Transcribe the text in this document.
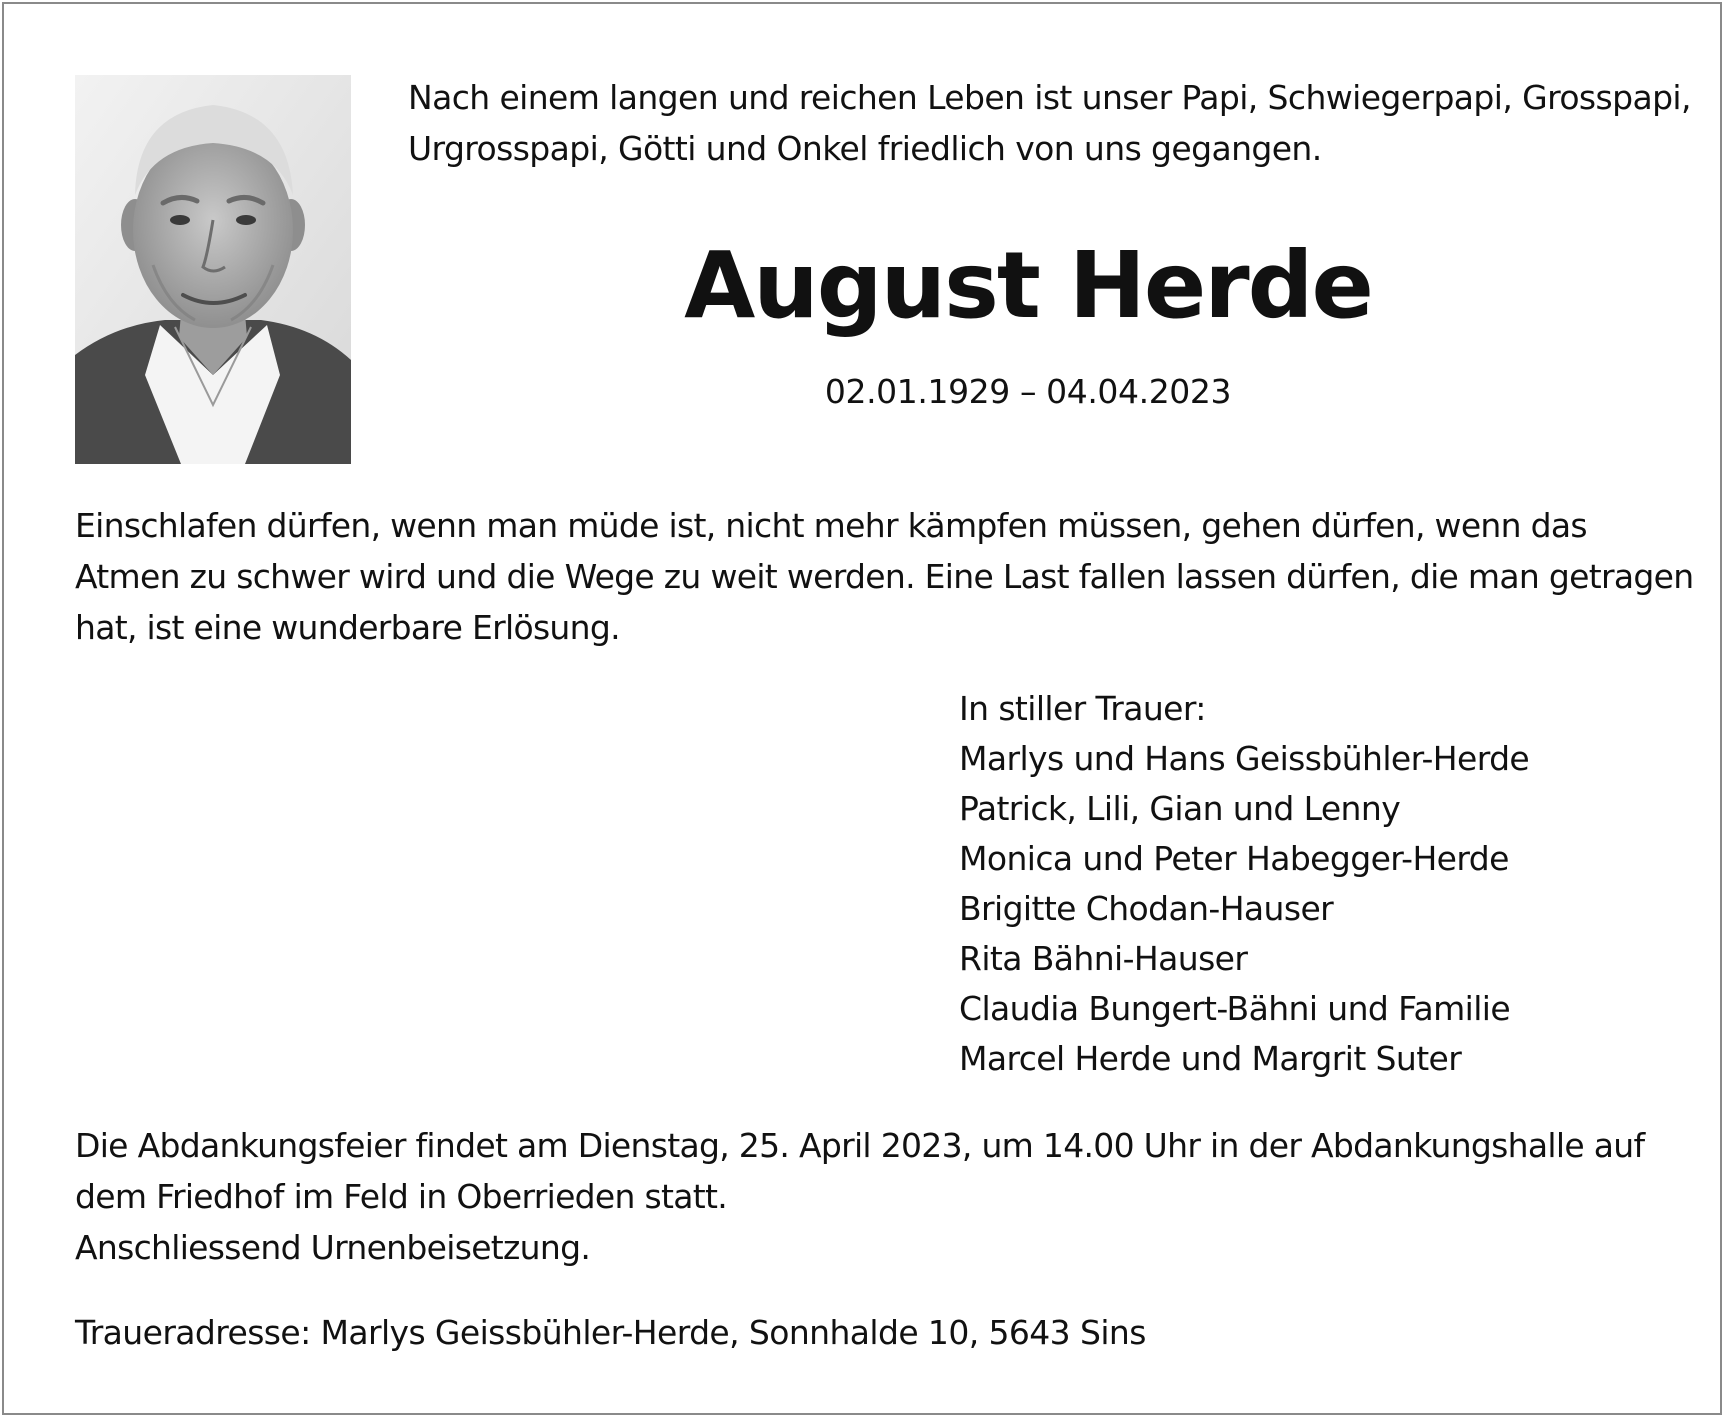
Nach einem langen und reichen Leben ist unser Papi, Schwiegerpapi, Grosspapi,
Urgrosspapi, Götti und Onkel friedlich von uns gegangen.
August Herde
02.01.1929 – 04.04.2023
Einschlafen dürfen, wenn man müde ist, nicht mehr kämpfen müssen, gehen dürfen, wenn das
Atmen zu schwer wird und die Wege zu weit werden. Eine Last fallen lassen dürfen, die man getragen
hat, ist eine wunderbare Erlösung.
In stiller Trauer:
Marlys und Hans Geissbühler-Herde
Patrick, Lili, Gian und Lenny
Monica und Peter Habegger-Herde
Brigitte Chodan-Hauser
Rita Bähni-Hauser
Claudia Bungert-Bähni und Familie
Marcel Herde und Margrit Suter
Die Abdankungsfeier findet am Dienstag, 25. April 2023, um 14.00 Uhr in der Abdankungshalle auf
dem Friedhof im Feld in Oberrieden statt.
Anschliessend Urnenbeisetzung.
Traueradresse: Marlys Geissbühler-Herde, Sonnhalde 10, 5643 Sins
